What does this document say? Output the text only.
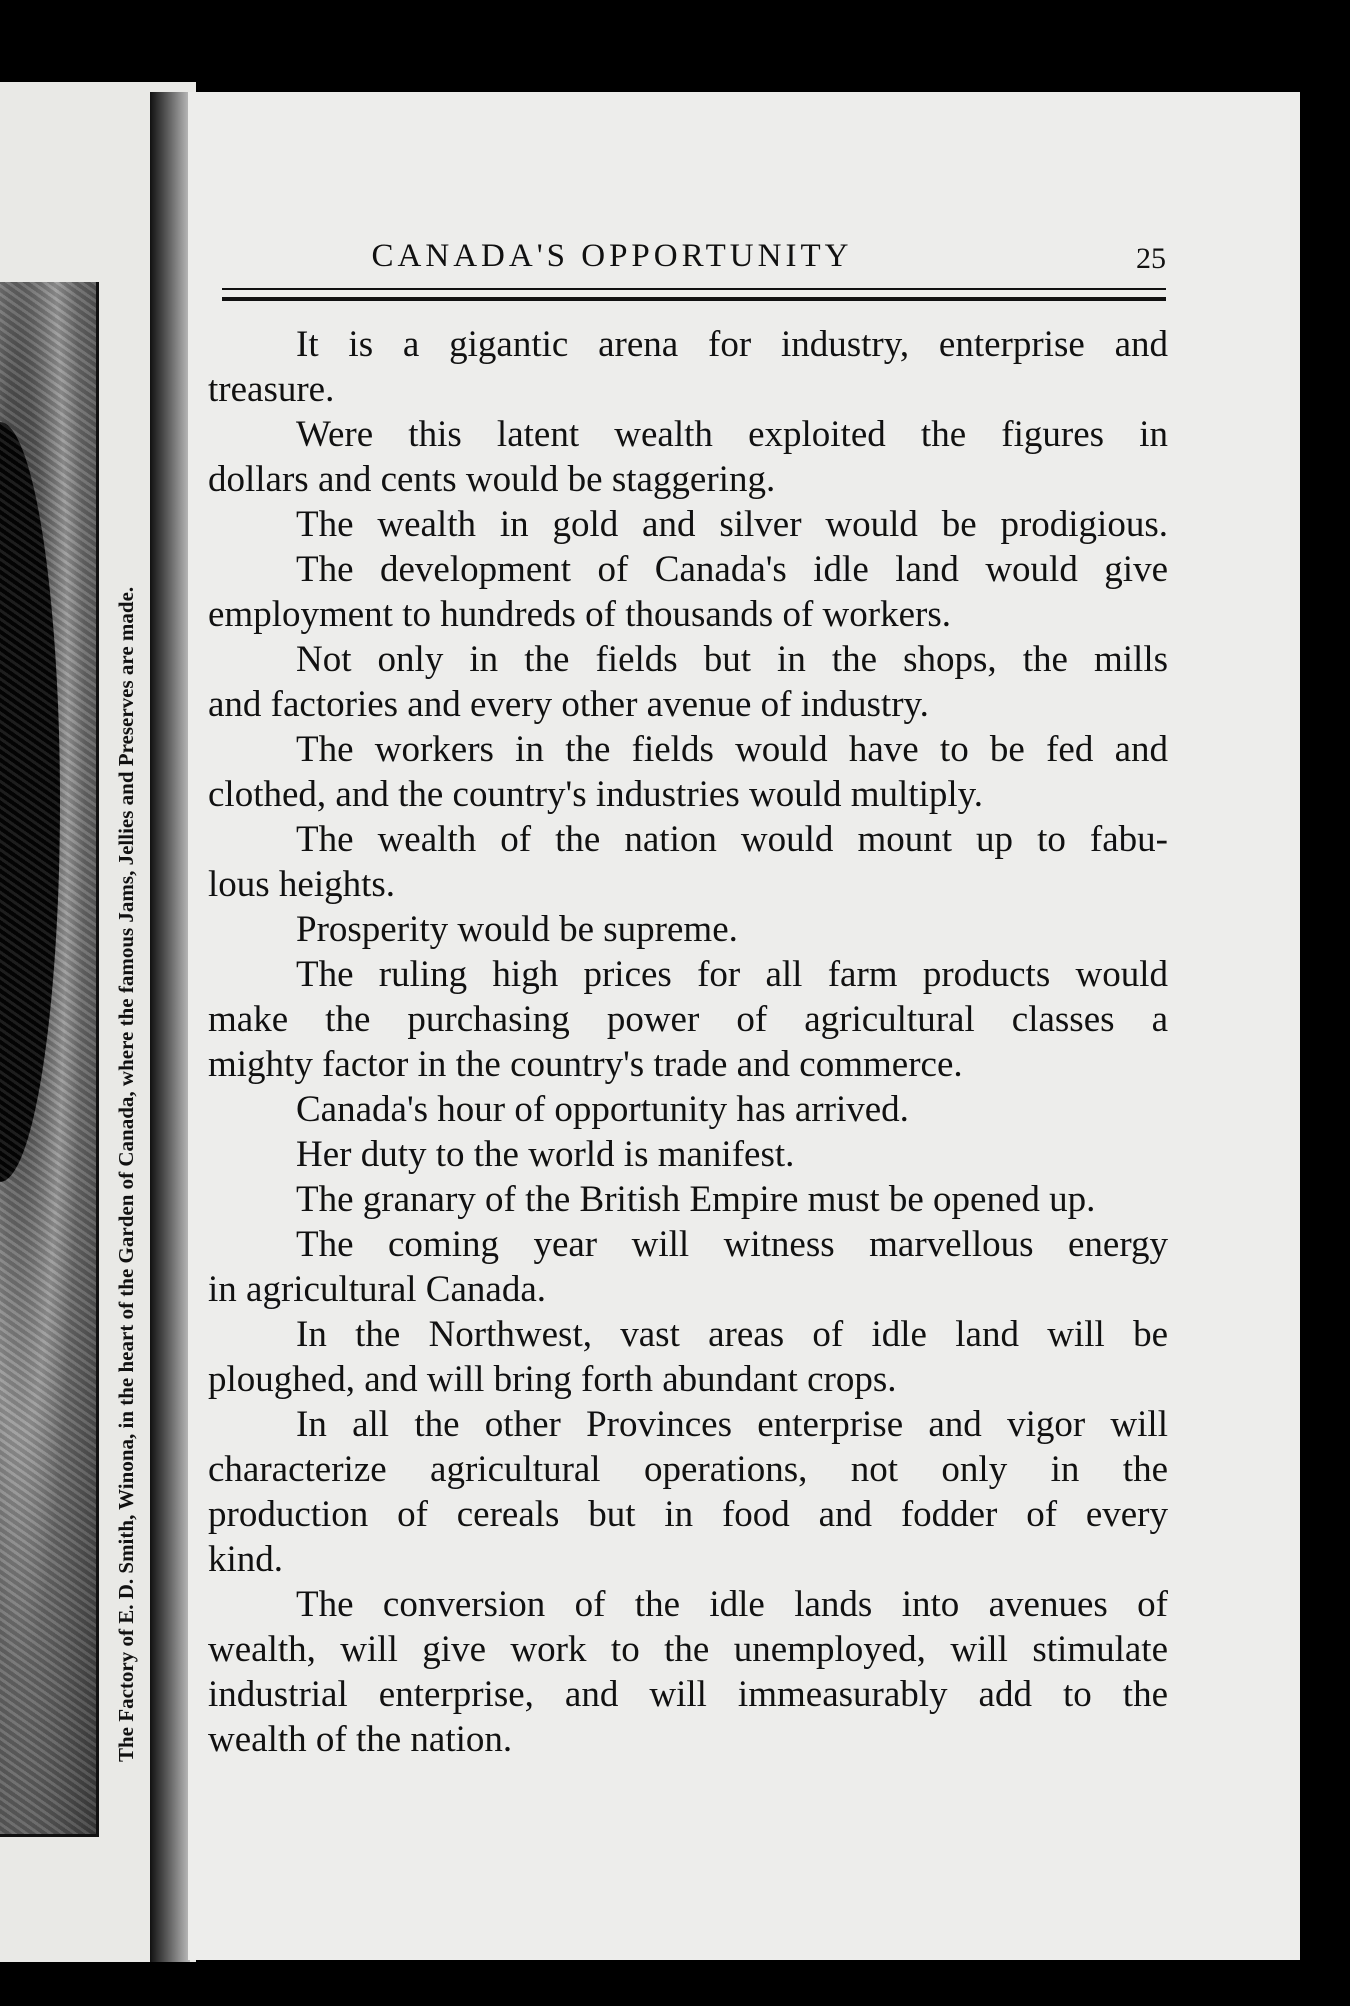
The Factory of E. D. Smith, Winona, in the heart of the Garden of Canada, where the famous Jams, Jellies and Preserves are made.
CANADA'S OPPORTUNITY	25
It is a gigantic arena for industry, enterprise and
treasure.
Were this latent wealth exploited the figures in
dollars and cents would be staggering.
The wealth in gold and silver would be prodigious.
The development of Canada's idle land would give
employment to hundreds of thousands of workers.
Not only in the fields but in the shops, the mills
and factories and every other avenue of industry.
The workers in the fields would have to be fed and
clothed, and the country's industries would multiply.
The wealth of the nation would mount up to fabu-
lous heights.
Prosperity would be supreme.
The ruling high prices for all farm products would
make the purchasing power of agricultural classes a
mighty factor in the country's trade and commerce.
Canada's hour of opportunity has arrived.
Her duty to the world is manifest.
The granary of the British Empire must be opened up.
The coming year will witness marvellous energy
in agricultural Canada.
In the Northwest, vast areas of idle land will be
ploughed, and will bring forth abundant crops.
In all the other Provinces enterprise and vigor will
characterize agricultural operations, not only in the
production of cereals but in food and fodder of every
kind.
The conversion of the idle lands into avenues of
wealth, will give work to the unemployed, will stimulate
industrial enterprise, and will immeasurably add to the
wealth of the nation.
